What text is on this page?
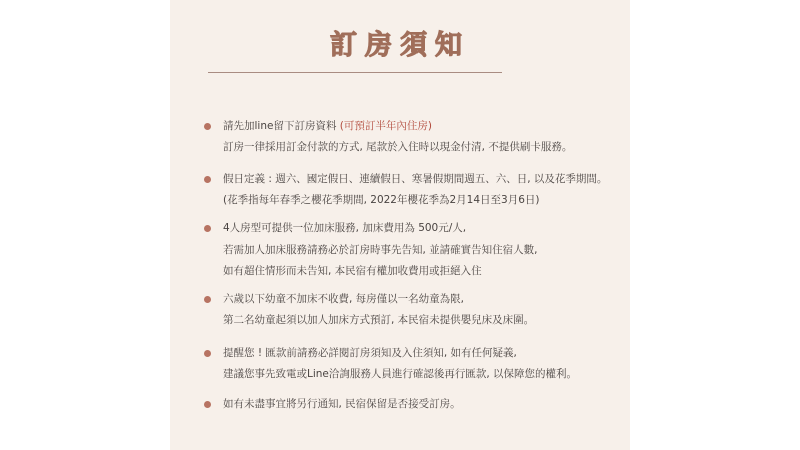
訂房須知
請先加line留下訂房資料 (可預訂半年內住房)
訂房一律採用訂金付款的方式, 尾款於入住時以現金付清, 不提供刷卡服務。
假日定義 : 週六、國定假日、連續假日、寒暑假期間週五、六、日, 以及花季期間。
(花季指每年春季之櫻花季期間, 2022年櫻花季為2月14日至3月6日)
4人房型可提供一位加床服務, 加床費用為 500元/人,
若需加人加床服務請務必於訂房時事先告知, 並請確實告知住宿人數,
如有超住情形而未告知, 本民宿有權加收費用或拒絕入住
六歲以下幼童不加床不收費, 每房僅以一名幼童為限,
第二名幼童起須以加人加床方式預訂, 本民宿未提供嬰兒床及床圍。
提醒您 ! 匯款前請務必詳閱訂房須知及入住須知, 如有任何疑義,
建議您事先致電或Line洽詢服務人員進行確認後再行匯款, 以保障您的權利。
如有未盡事宜將另行通知, 民宿保留是否接受訂房。
